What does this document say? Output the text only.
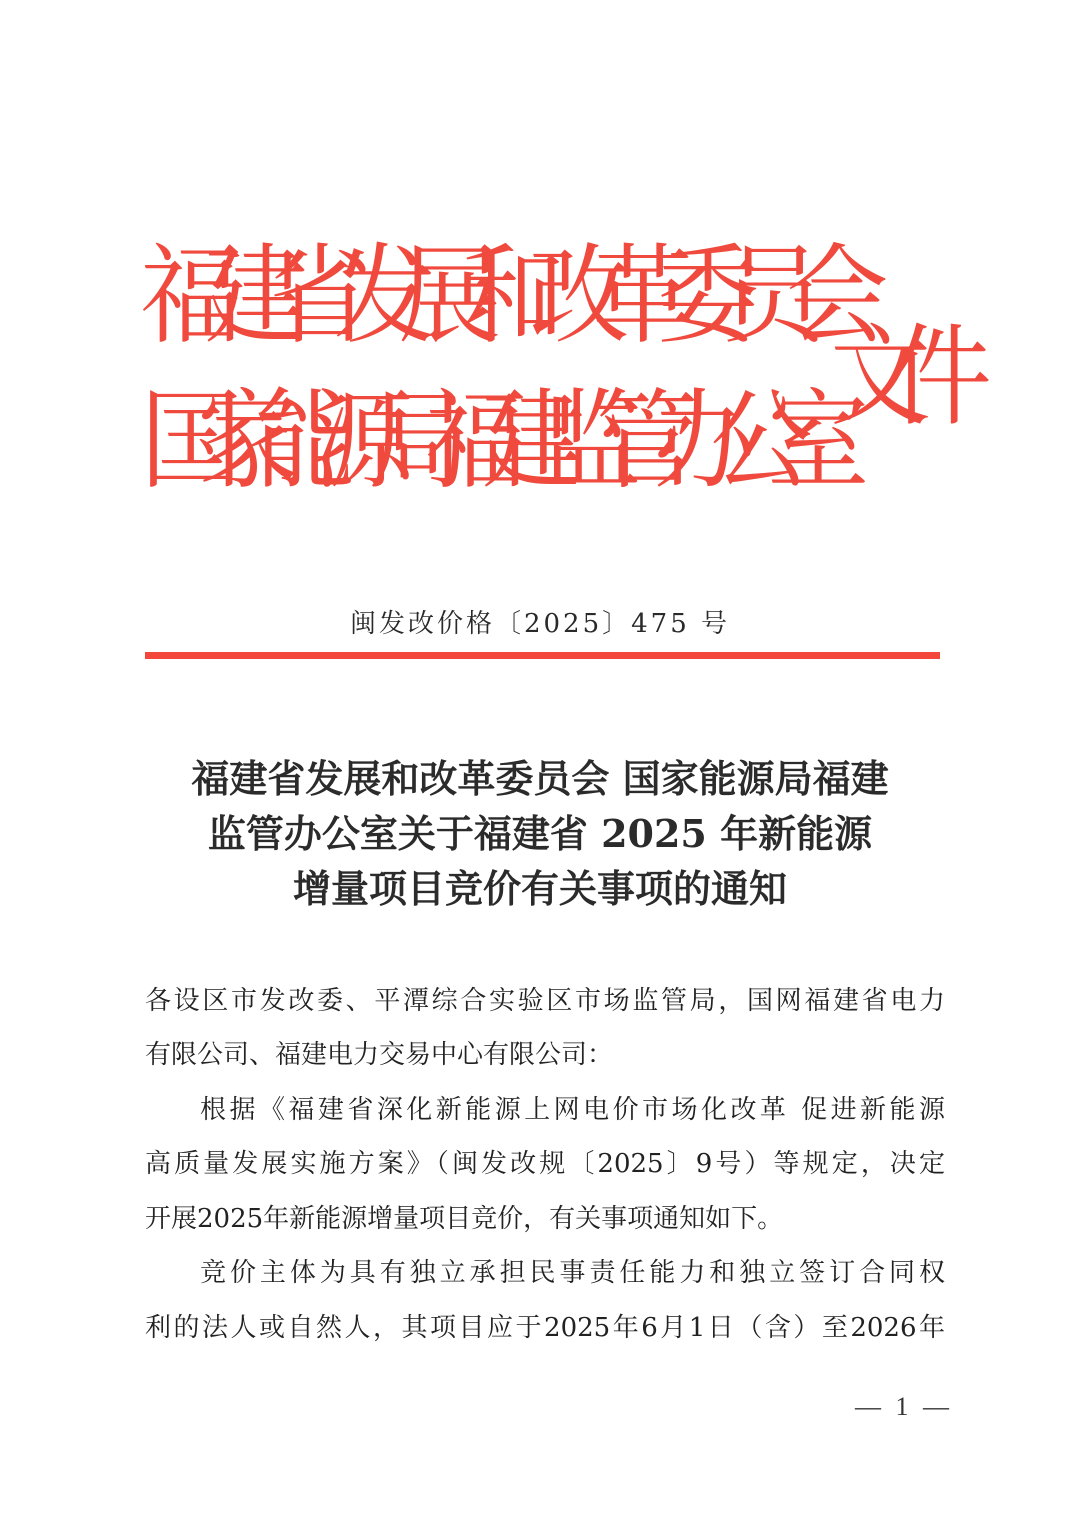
福建省发展和改革委员会
国家能源局福建监管办公室
文件
闽发改价格〔2025〕475 号
福建省发展和改革委员会 国家能源局福建
监管办公室关于福建省 2025 年新能源
增量项目竞价有关事项的通知
各设区市发改委、平潭综合实验区市场监管局，国网福建省电力
有限公司、福建电力交易中心有限公司：
根据《福建省深化新能源上网电价市场化改革 促进新能源
高质量发展实施方案》（闽发改规〔2025〕9号）等规定，决定
开展2025年新能源增量项目竞价，有关事项通知如下。
竞价主体为具有独立承担民事责任能力和独立签订合同权
利的法人或自然人，其项目应于2025年6月1日（含）至2026年
— 1 —
